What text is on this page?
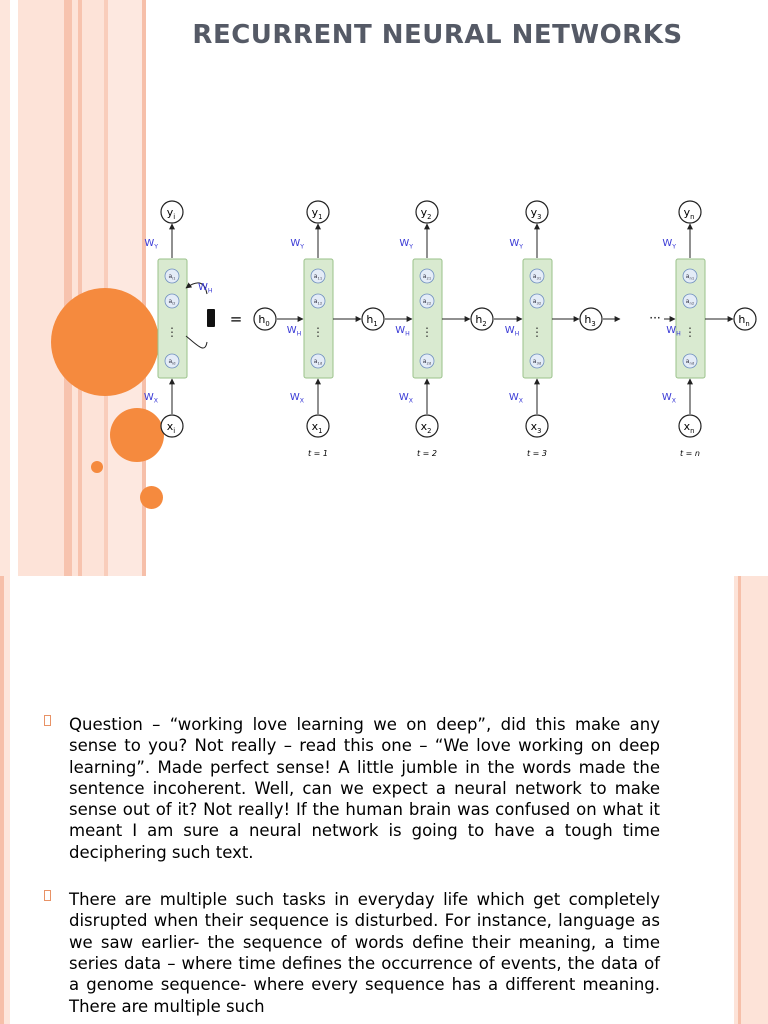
RECURRENT NEURAL NETWORKS
$y_i$
$W_Y$
$a_{i1}$
$a_{i2}$
⋮
$a_{id}$
$W_X$
$x_i$
$W_H$
= $h_0$
$y_1$
$W_Y$
$a_{11}$
$a_{12}$
⋮
$a_{1d}$
$W_X$
$x_1$
t = 1
$W_H$
$h_1$
$y_2$
$W_Y$
$a_{21}$
$a_{22}$
⋮
$a_{2d}$
$W_X$
$x_2$
t = 2
$W_H$
$h_2$
$y_3$
$W_Y$
$a_{31}$
$a_{32}$
⋮
$a_{3d}$
$W_X$
$x_3$
t = 3
$W_H$
$h_3$
$y_n$
$W_Y$
$a_{n1}$
$a_{n2}$
⋮
$a_{nd}$
$W_X$
$x_n$
t = n
$W_H$
$h_n$
···
Question – “working love learning we on deep”, did this make any sense to you? Not really – read this one – “We love working on deep learning”. Made perfect sense! A little jumble in the words made the sentence incoherent. Well, can we expect a neural network to make sense out of it? Not really! If the human brain was confused on what it meant I am sure a neural network is going to have a tough time deciphering such text.
There are multiple such tasks in everyday life which get completely disrupted when their sequence is disturbed. For instance, language as we saw earlier- the sequence of words define their meaning, a time series data – where time defines the occurrence of events, the data of a genome sequence- where every sequence has a different meaning. There are multiple such
